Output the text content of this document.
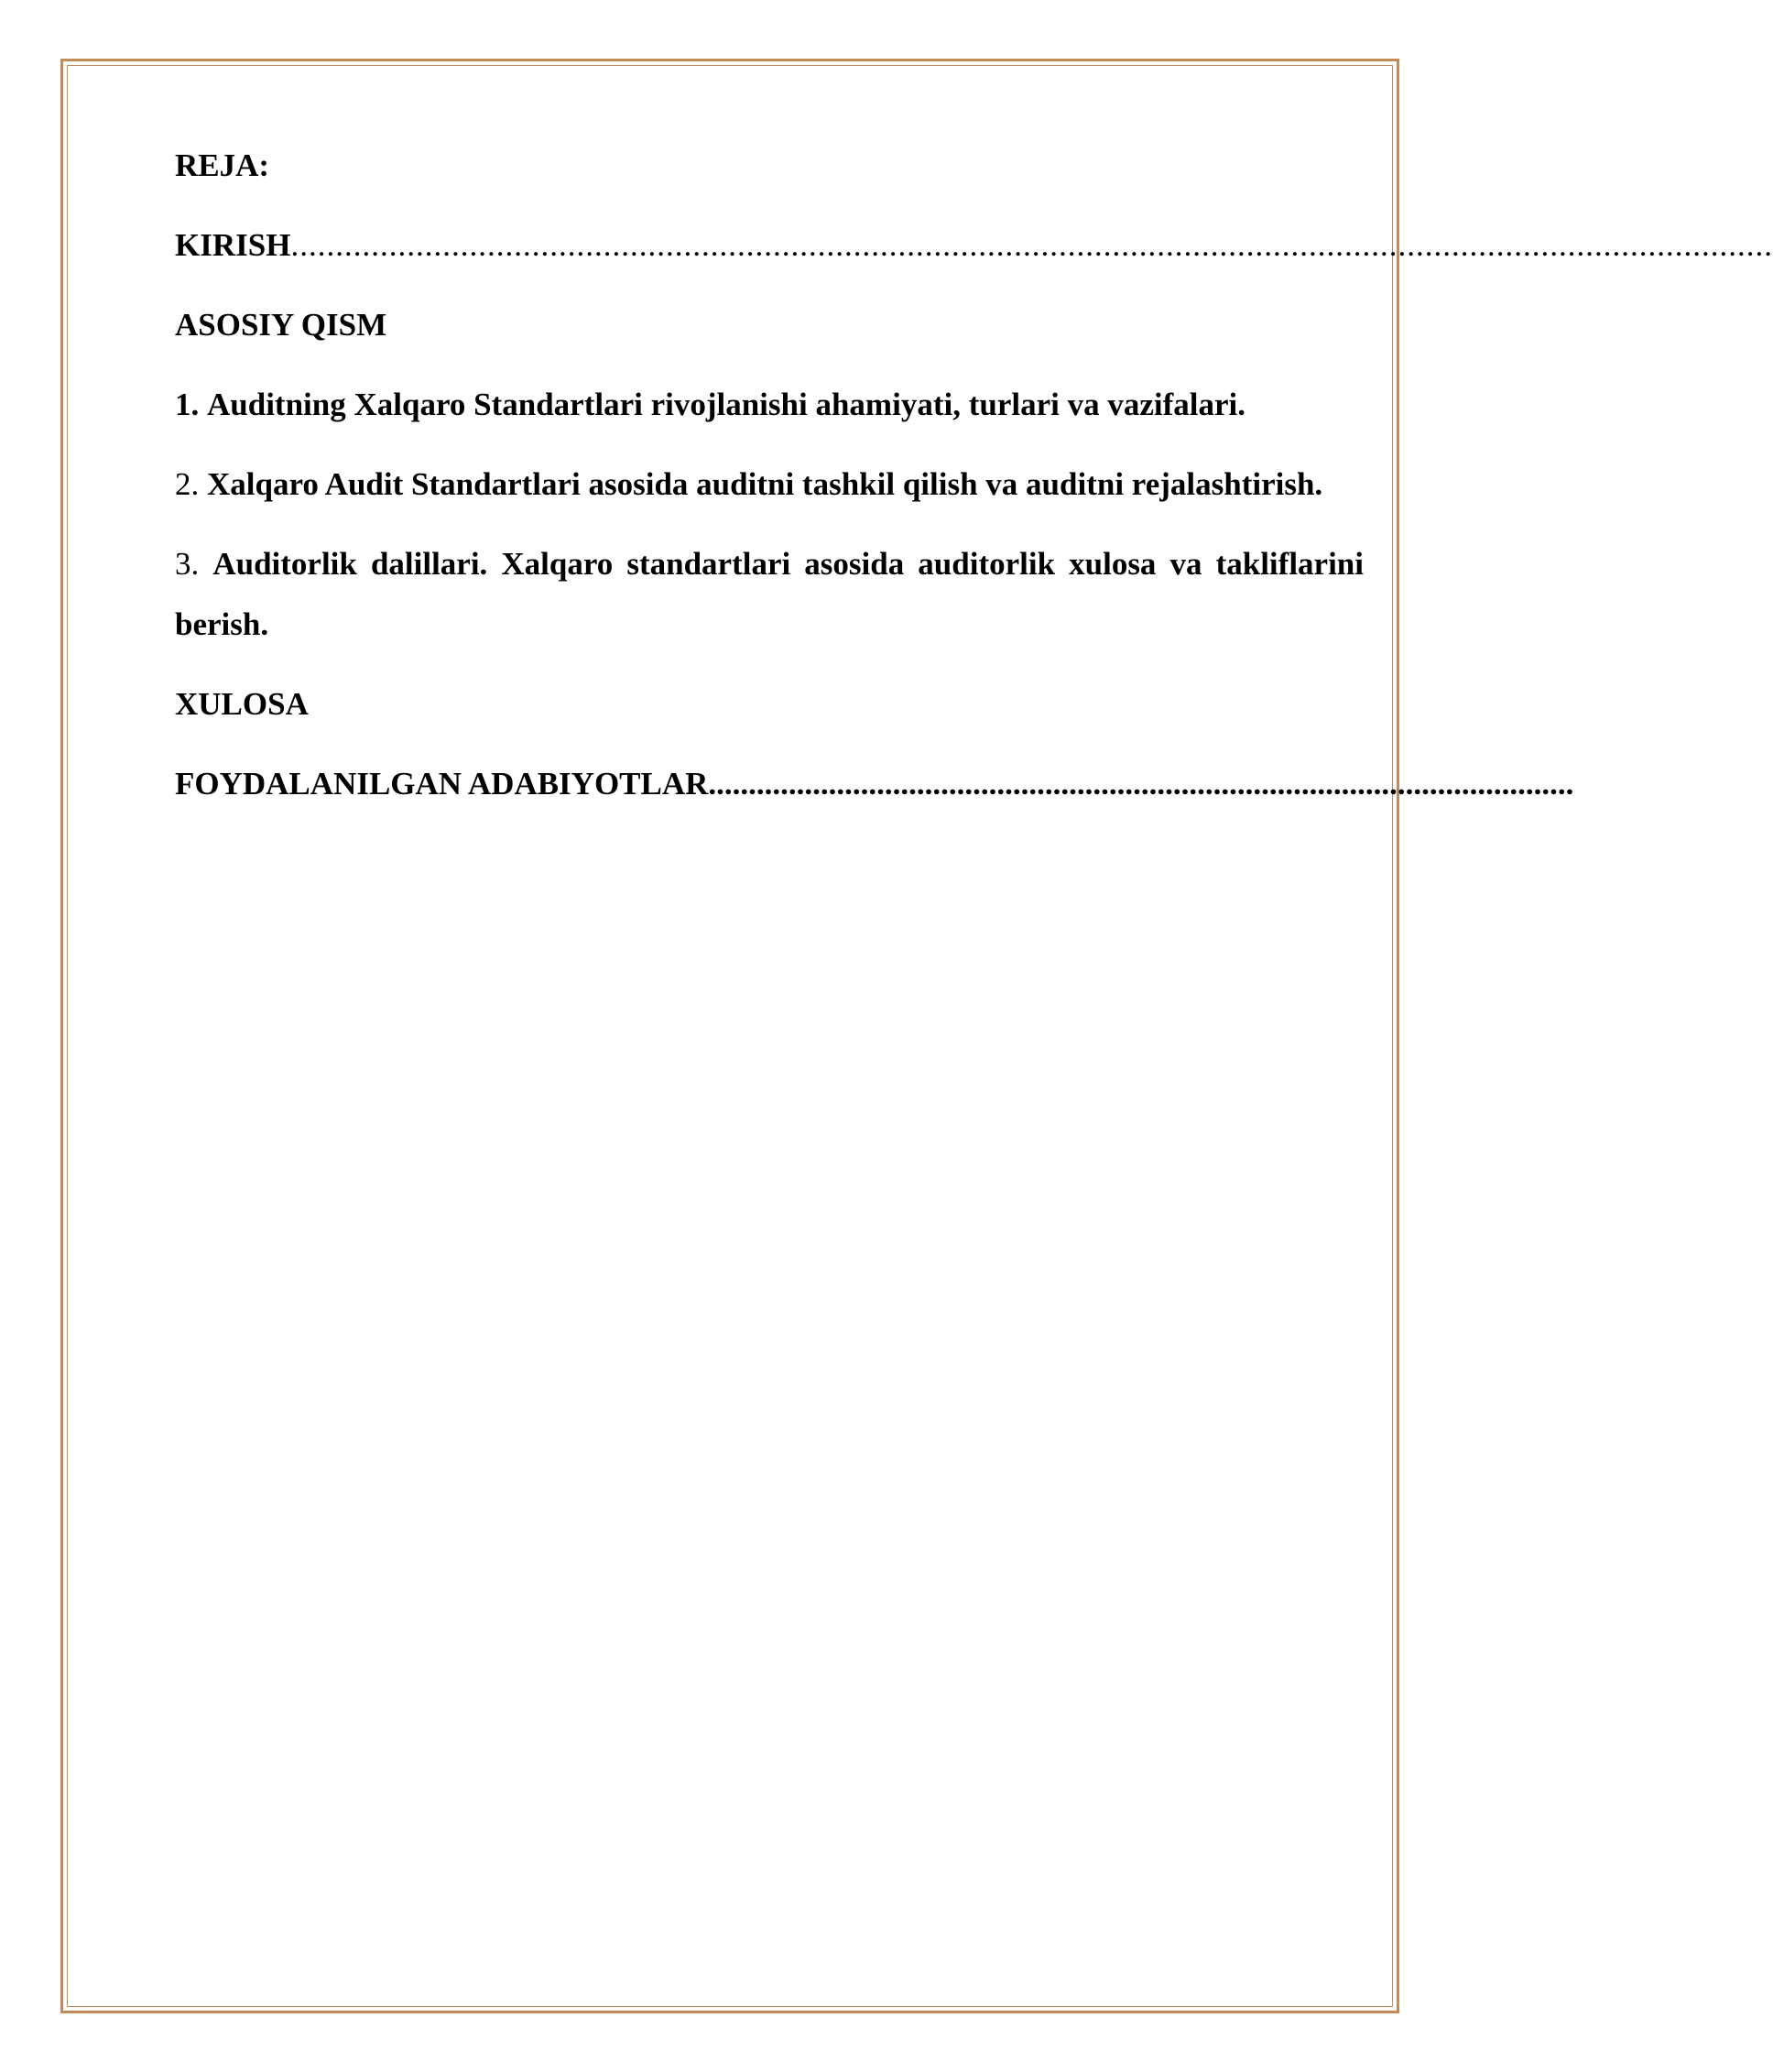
REJA:
KIRISH ......................................................................................................................................................................
ASOSIY QISM
1. Auditning Xalqaro Standartlari rivojlanishi ahamiyati, turlari va vazifalari.
2. Xalqaro Audit Standartlari asosida auditni tashkil qilish va auditni rejalashtirish.
3. Auditorlik dalillari. Xalqaro standartlari asosida auditorlik xulosa va takliflarini berish.
XULOSA
FOYDALANILGAN ADABIYOTLAR ............................................................................................................
